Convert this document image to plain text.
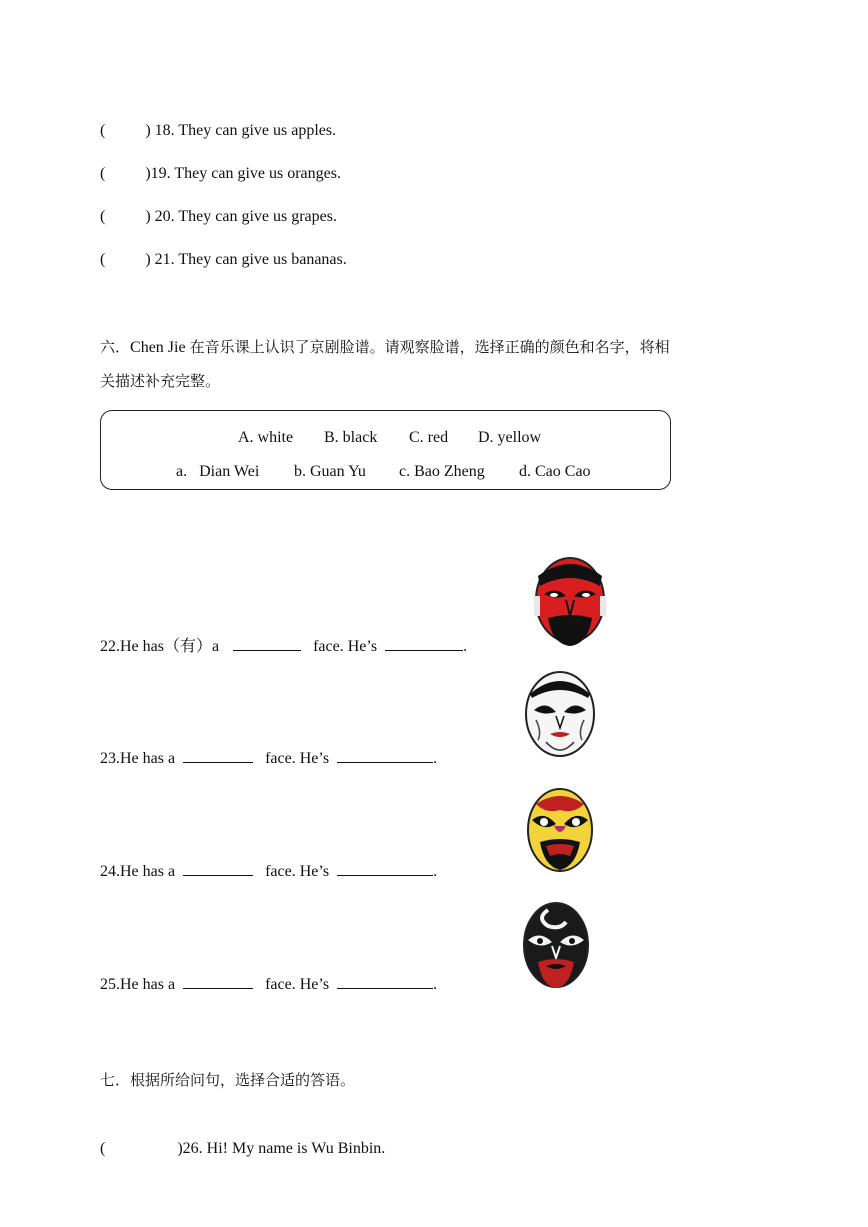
(	) 18. They can give us apples.
(	)19. They can give us oranges.
(	) 20. They can give us grapes.
(	) 21. They can give us bananas.
六．Chen Jie 在音乐课上认识了京剧脸谱。请观察脸谱，选择正确的颜色和名字，将相
关描述补充完整。
A. white B. black C. red D. yellow
a.   Dian Wei b. Guan Yu c. Bao Zheng d. Cao Cao
22.He has（有）a	face. He’s	.
23.He has a	face. He’s	.
24.He has a	face. He’s	.
25.He has a	face. He’s	.
七．根据所给问句，选择合适的答语。
(	)26. Hi! My name is Wu Binbin.
